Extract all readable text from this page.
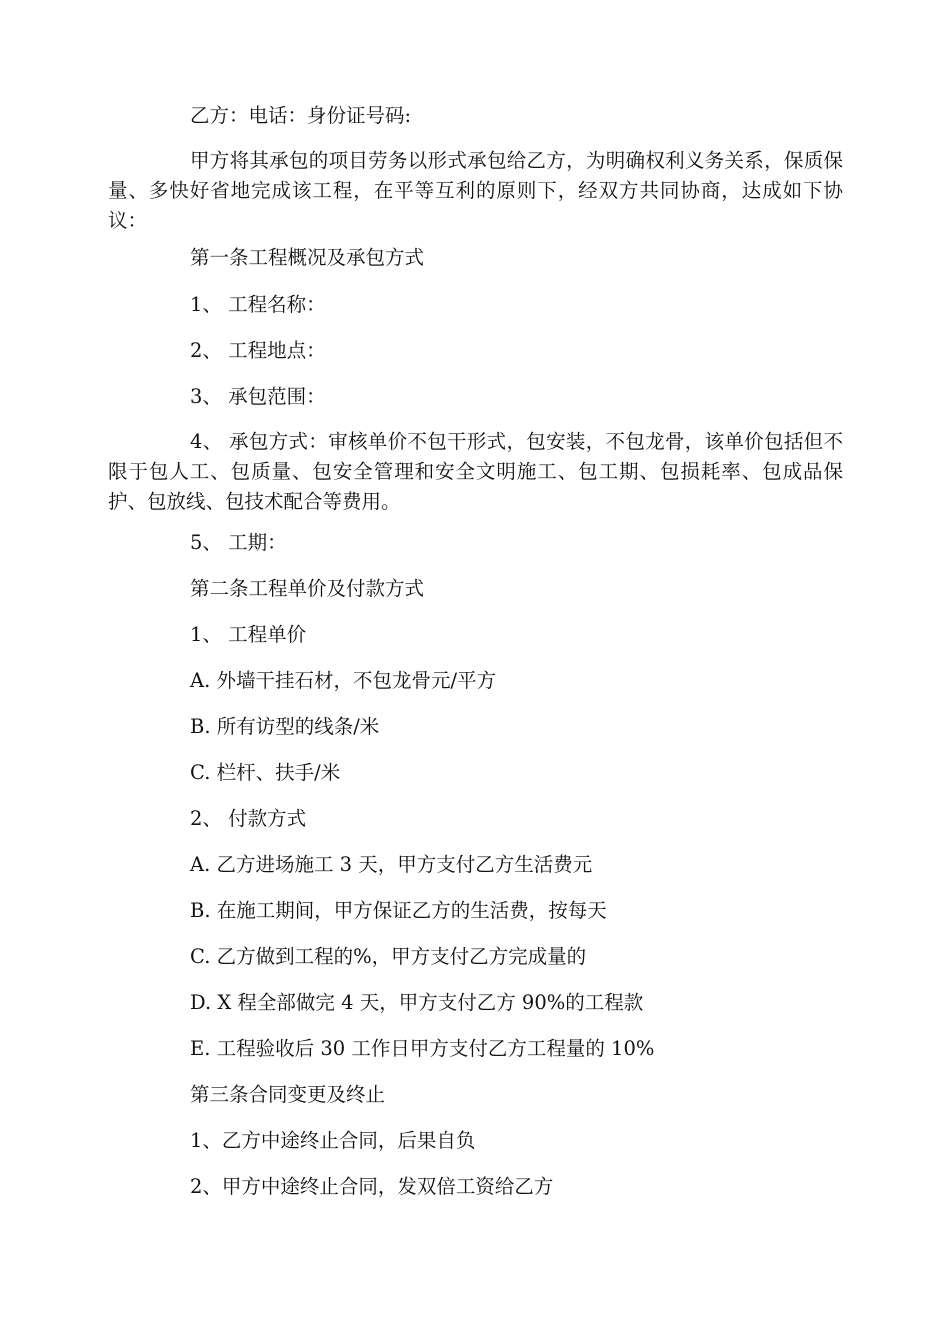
乙方：电话：身份证号码:
甲方将其承包的项目劳务以形式承包给乙方，为明确权利义务关系，保质保量、多快好省地完成该工程，在平等互利的原则下，经双方共同协商，达成如下协议：
第一条工程概况及承包方式
1、 工程名称：
2、 工程地点：
3、 承包范围：
4、 承包方式：审核单价不包干形式，包安装，不包龙骨，该单价包括但不限于包人工、包质量、包安全管理和安全文明施工、包工期、包损耗率、包成品保护、包放线、包技术配合等费用。
5、 工期：
第二条工程单价及付款方式
1、 工程单价
A. 外墙干挂石材，不包龙骨元/平方
B. 所有访型的线条/米
C. 栏杆、扶手/米
2、 付款方式
A. 乙方进场施工 3 天，甲方支付乙方生活费元
B. 在施工期间，甲方保证乙方的生活费，按每天
C. 乙方做到工程的%，甲方支付乙方完成量的
D. X 程全部做完 4 天，甲方支付乙方 90%的工程款
E. 工程验收后 30 工作日甲方支付乙方工程量的 10%
第三条合同变更及终止
1、乙方中途终止合同，后果自负
2、甲方中途终止合同，发双倍工资给乙方
